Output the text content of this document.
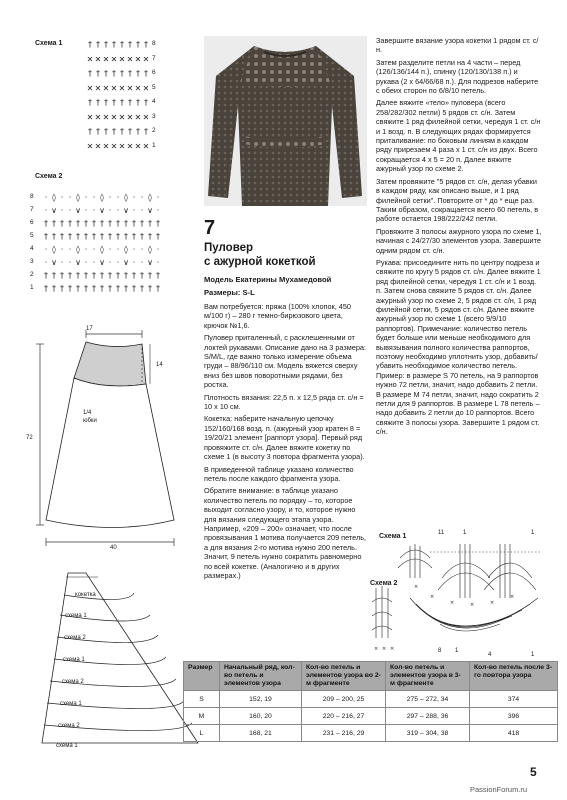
Схема 1
✕ ✕ ✕ ✕ ✕ ✕ ✕ ✕ 1
† † † † † † † † 2
✕ ✕ ✕ ✕ ✕ ✕ ✕ ✕ 3
† † † † † † † † 4
✕ ✕ ✕ ✕ ✕ ✕ ✕ ✕ 5
† † † † † † † † 6
✕ ✕ ✕ ✕ ✕ ✕ ✕ ✕ 7
† † † † † † † † 8
Схема 2
† † † † † † † † † † † † † † †
1
† † † † † † † † † † † † † † †
2
· ∨ · · ∨ · · ∨ · · ∨ · · ∨ ·
3
· ◊ · · ◊ · · ◊ · · ◊ · · ◊ ·
4
† † † † † † † † † † † † † † †
5
† † † † † † † † † † † † † † †
6
· ∨ · · ∨ · · ∨ · · ∨ · · ∨ ·
7
· ◊ · · ◊ · · ◊ · · ◊ · · ◊ ·
8
17
14
72
40
1/4
юбки
кокетка
схема 1
схема 2
схема 1
схема 2
схема 1
схема 2
схема 1
7
Пуловер
с ажурной кокеткой
Модель Екатерины Мухамедовой
Размеры: S-L

Вам потребуется: пряжа (100% хлопок, 450 м/100 г) – 280 г темно-бирюзового цвета, крючок №1,6.

Пуловер приталенный, с расклешенными от локтей рукавами. Описание дано на 3 размера: S/M/L, где важно только измерение объема груди – 88/96/110 см. Модель вяжется сверху вниз без швов поворотными рядами, без ростка.

Плотность вязания: 22,5 п. х 12,5 ряда ст. с/н = 10 х 10 см.

Кокетка: наберите начальную цепочку 152/160/168 возд. п. (ажурный узор кратен 8 = 19/20/21 элемент [раппорт узора]. Первый ряд провяжите ст. с/н. Далее вяжите кокетку по схеме 1 (в высоту 3 повтора фрагмента узора).

В приведенной таблице указано количество петель после каждого фрагмента узора.

Обратите внимание: в таблице указано количество петель по порядку – то, которое выходит согласно узору, и то, которое нужно для вязания следующего этапа узора. Например, «209 – 200» означает, что после провязывания 1 мотива получается 209 петель, а для вязания 2-го мотива нужно 200 петель. Значит, 9 петель нужно сократить равномерно по всей кокетке. (Аналогично и в других размерах.)

Завершите вязание узора кокетки 1 рядом ст. с/н.

Затем разделите петли на 4 части – перед (126/136/144 п.), спинку (120/130/138 п.) и рукава (2 х 64/66/68 п.). Для подрезов наберите с обеих сторон по 6/8/10 петель.

Далее вяжите «тело» пуловера (всего 258/282/302 петли) 5 рядов ст. с/н. Затем свяжите 1 ряд филейной сетки, чередуя 1 ст. с/н и 1 возд. п. В следующих рядах формируется приталивание: по боковым линиям в каждом ряду прирезаем 4 раза х 1 ст. с/н из двух. Всего сокращается 4 х 5 = 20 п. Далее вяжите ажурный узор по схеме 2.

Затем провяжите "5 рядов ст. с/н, делая убавки в каждом ряду, как описано выше, и 1 ряд филейной сетки". Повторите от * до * еще раз. Таким образом, сокращается всего 60 петель, в работе остается 198/222/242 петли.

Провяжите 3 полосы ажурного узора по схеме 1, начиная с 24/27/30 элементов узора. Завершите одним рядом ст. с/н.

Рукава: присоедините нить по центру подреза и свяжите по кругу 5 рядов ст. с/н. Далее вяжите 1 ряд филейной сетки, чередуя 1 ст. с/н и 1 возд. п. Затем снова свяжите 5 рядов ст. с/н. Далее ажурный узор по схеме 2, 5 рядов ст. с/н, 1 ряд филейной сетки, 5 рядов ст. с/н. Далее вяжите ажурный узор по схеме 1 (всего 9/9/10 раппортов). Примечание: количество петель будет больше или меньше необходимого для вывязывания полного количества раппортов, поэтому необходимо уплотнить узор, добавить/убавить необходимое количество петель. Пример: в размере S 70 петель, на 9 раппортов нужно 72 петли, значит, надо добавить 2 петли. В размере M 74 петли, значит, надо сократить 2 петли для 9 раппортов. В размере L 78 петель – надо добавить 2 петли до 10 раппортов. Всего свяжите 3 полосы узора. Завершите 1 рядом ст. с/н.

Схема 1
Схема 2
11	1	1
8 1
4	1
×
×
×	×	×
×
× × ×
Размер	Начальный ряд, кол-во петель и элементов узора	Кол-во петель и элементов узора во 2-м фрагменте	Кол-во петель и элементов узора в 3-м фрагменте	Кол-во петель после 3-го повтора узора
S	152, 19	209 – 200, 25	275 – 272, 34	374
M	160, 20	220 – 216, 27	297 – 288, 36	396
L	168, 21	231 – 216, 29	319 – 304, 38	418
5
PassionForum.ru
